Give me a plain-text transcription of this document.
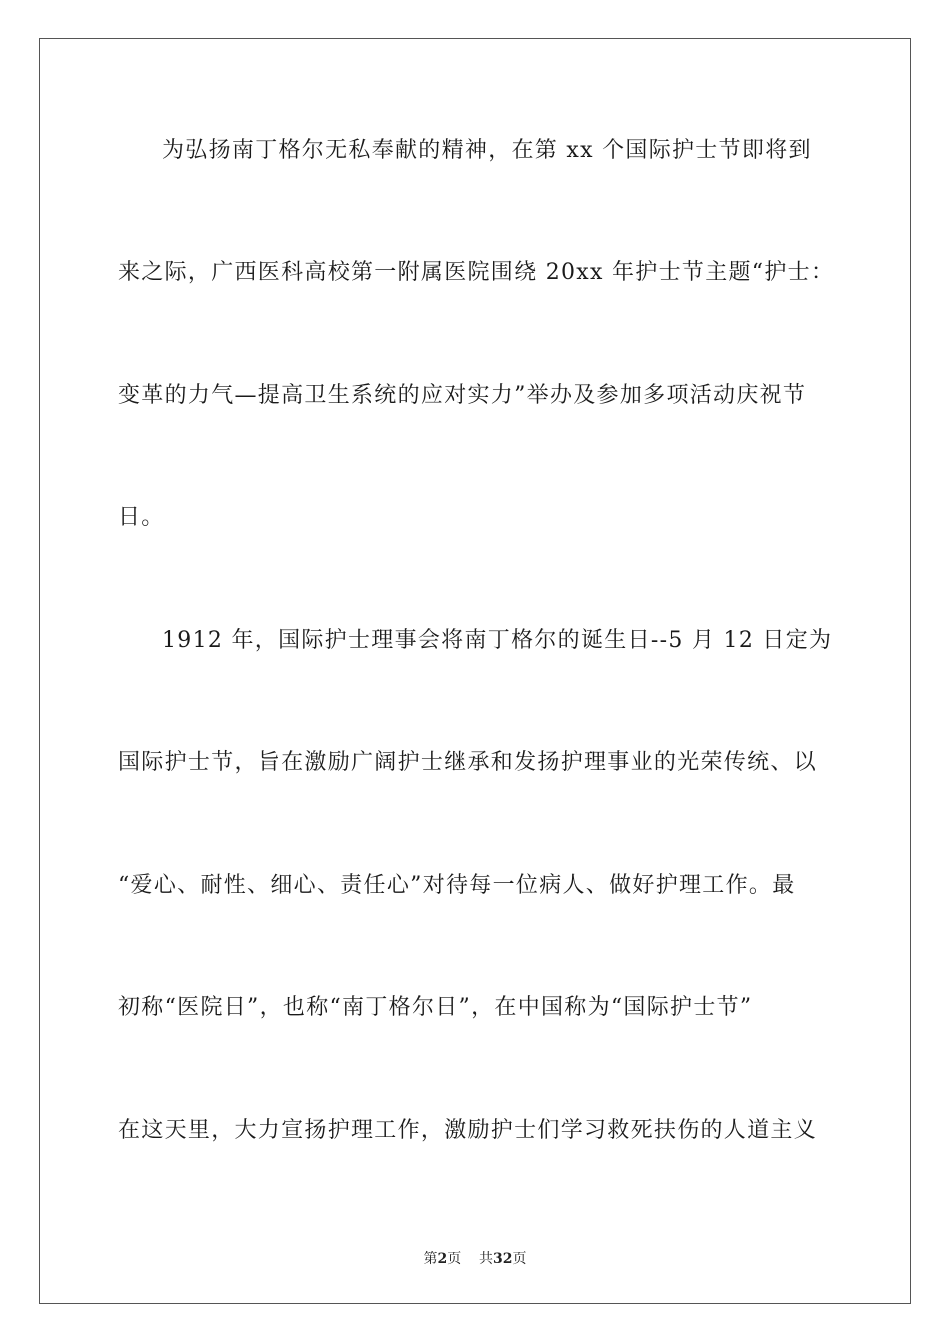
为弘扬南丁格尔无私奉献的精神，在第 xx 个国际护士节即将到
来之际，广西医科高校第一附属医院围绕 20xx 年护士节主题“护士：
变革的力气—提高卫生系统的应对实力”举办及参加多项活动庆祝节
日。
1912 年，国际护士理事会将南丁格尔的诞生日--5 月 12 日定为
国际护士节，旨在激励广阔护士继承和发扬护理事业的光荣传统、以
“爱心、耐性、细心、责任心”对待每一位病人、做好护理工作。最
初称“医院日”，也称“南丁格尔日”，在中国称为“国际护士节”
在这天里，大力宣扬护理工作，激励护士们学习救死扶伤的人道主义
第2页 共32页
